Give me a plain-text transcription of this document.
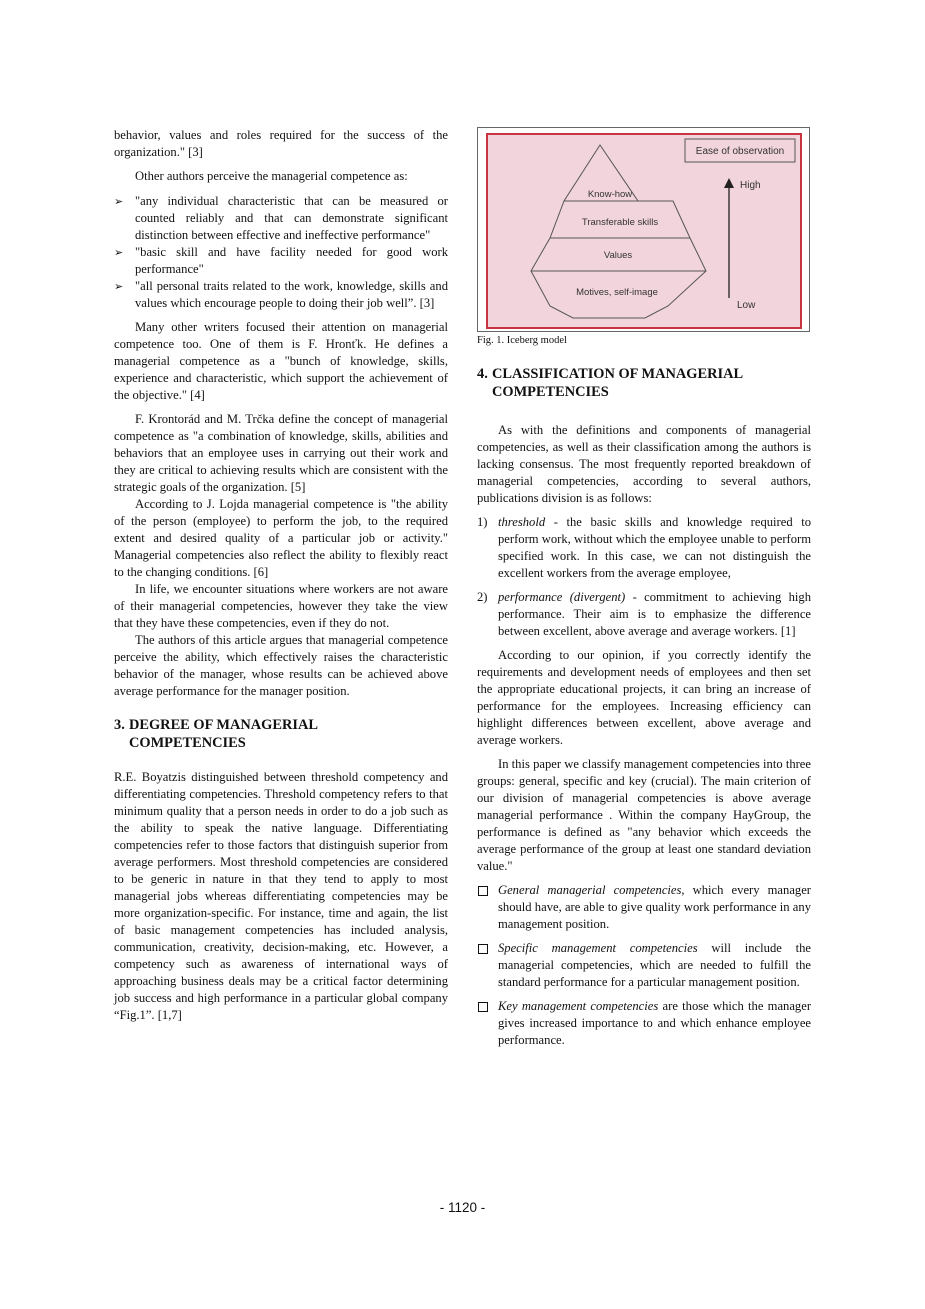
behavior, values and roles required for the success of the organization." [3]

Other authors perceive the managerial competence as:

➢ "any individual characteristic that can be measured or counted reliably and that can demonstrate significant distinction between effective and ineffective performance"

➢ "basic skill and have facility needed for good work performance"

➢ "all personal traits related to the work, knowledge, skills and values which encourage people to doing their job well”. [3]

Many other writers focused their attention on managerial competence too. One of them is F. Hronťk. He defines a managerial competence as a "bunch of knowledge, skills, experience and characteristic, which support the achievement of the objective." [4]

F. Krontorád and M. Trčka define the concept of managerial competence as "a combination of knowledge, skills, abilities and behaviors that an employee uses in carrying out their work and they are critical to achieving results which are consistent with the strategic goals of the organization. [5]

According to J. Lojda managerial competence is "the ability of the person (employee) to perform the job, to the required extent and desired quality of a particular job or activity." Managerial competencies also reflect the ability to flexibly react to the changing conditions. [6]

In life, we encounter situations where workers are not aware of their managerial competencies, however they take the view that they have these competencies, even if they do not.

The authors of this article argues that managerial competence perceive the ability, which effectively raises the characteristic behavior of the manager, whose results can be achieved above average performance for the manager position.

3. DEGREE OF MANAGERIAL COMPETENCIES

R.E. Boyatzis distinguished between threshold competency and differentiating competencies. Threshold competency refers to that minimum quality that a person needs in order to do a job such as the ability to speak the native language. Differentiating competencies refer to those factors that distinguish superior from average performers. Most threshold competencies are considered to be generic in nature in that they tend to apply to most managerial jobs whereas differentiating competencies may be more organization-specific. For instance, time and again, the list of basic management competencies has included analysis, communication, creativity, decision-making, etc. However, a competency such as awareness of international ways of approaching business deals may be a critical factor determining job success and high performance in a particular global company “Fig.1”. [1,7]

Ease of observation
High
Low
Know-how
Transferable skills
Values
Motives, self-image
Fig. 1. Iceberg model
4. CLASSIFICATION OF MANAGERIAL COMPETENCIES

As with the definitions and components of managerial competencies, as well as their classification among the authors is lacking consensus. The most frequently reported breakdown of managerial competencies, according to several authors, publications division is as follows:

1) threshold - the basic skills and knowledge required to perform work, without which the employee unable to perform specified work. In this case, we can not distinguish the excellent workers from the average employee,

2) performance (divergent) - commitment to achieving high performance. Their aim is to emphasize the difference between excellent, above average and average workers. [1]

According to our opinion, if you correctly identify the requirements and development needs of employees and then set the appropriate educational projects, it can bring an increase of performance for the employees. Increasing efficiency can highlight differences between excellent, above average and average workers.

In this paper we classify management competencies into three groups: general, specific and key (crucial). The main criterion of our division of managerial competencies is above average managerial performance . Within the company HayGroup, the performance is defined as "any behavior which exceeds the average performance of the group at least one standard deviation value."

General managerial competencies, which every manager should have, are able to give quality work performance in any management position.

Specific management competencies will include the managerial competencies, which are needed to fulfill the standard performance for a particular management position.

Key management competencies are those which the manager gives increased importance to and which enhance employee performance.

- 1120 -
